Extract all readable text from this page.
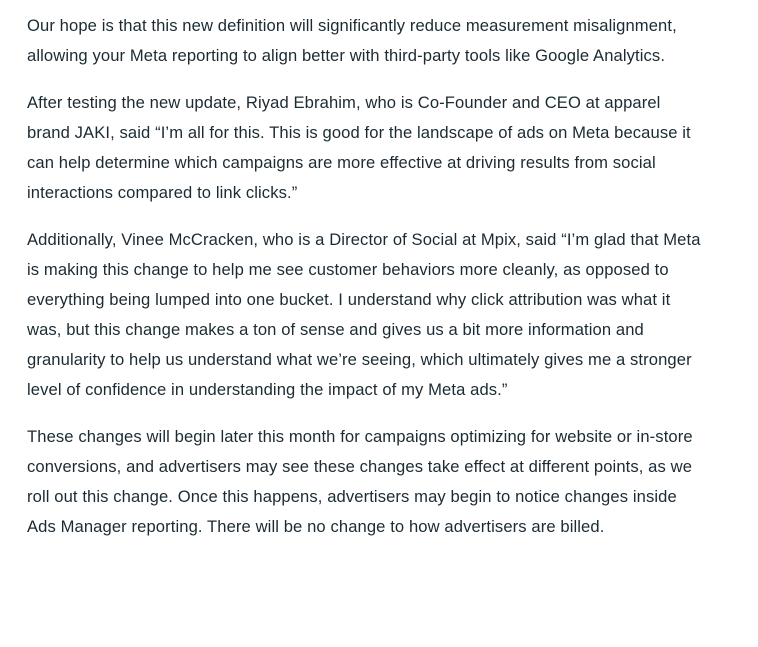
Our hope is that this new definition will significantly reduce measurement misalignment, allowing your Meta reporting to align better with third-party tools like Google Analytics.

After testing the new update, Riyad Ebrahim, who is Co-Founder and CEO at apparel brand JAKI, said “I’m all for this. This is good for the landscape of ads on Meta because it can help determine which campaigns are more effective at driving results from social interactions compared to link clicks.”

Additionally, Vinee McCracken, who is a Director of Social at Mpix, said “I’m glad that Meta is making this change to help me see customer behaviors more cleanly, as opposed to everything being lumped into one bucket. I understand why click attribution was what it was, but this change makes a ton of sense and gives us a bit more information and granularity to help us understand what we’re seeing, which ultimately gives me a stronger level of confidence in understanding the impact of my Meta ads.”

These changes will begin later this month for campaigns optimizing for website or in-store conversions, and advertisers may see these changes take effect at different points, as we roll out this change. Once this happens, advertisers may begin to notice changes inside Ads Manager reporting. There will be no change to how advertisers are billed.
